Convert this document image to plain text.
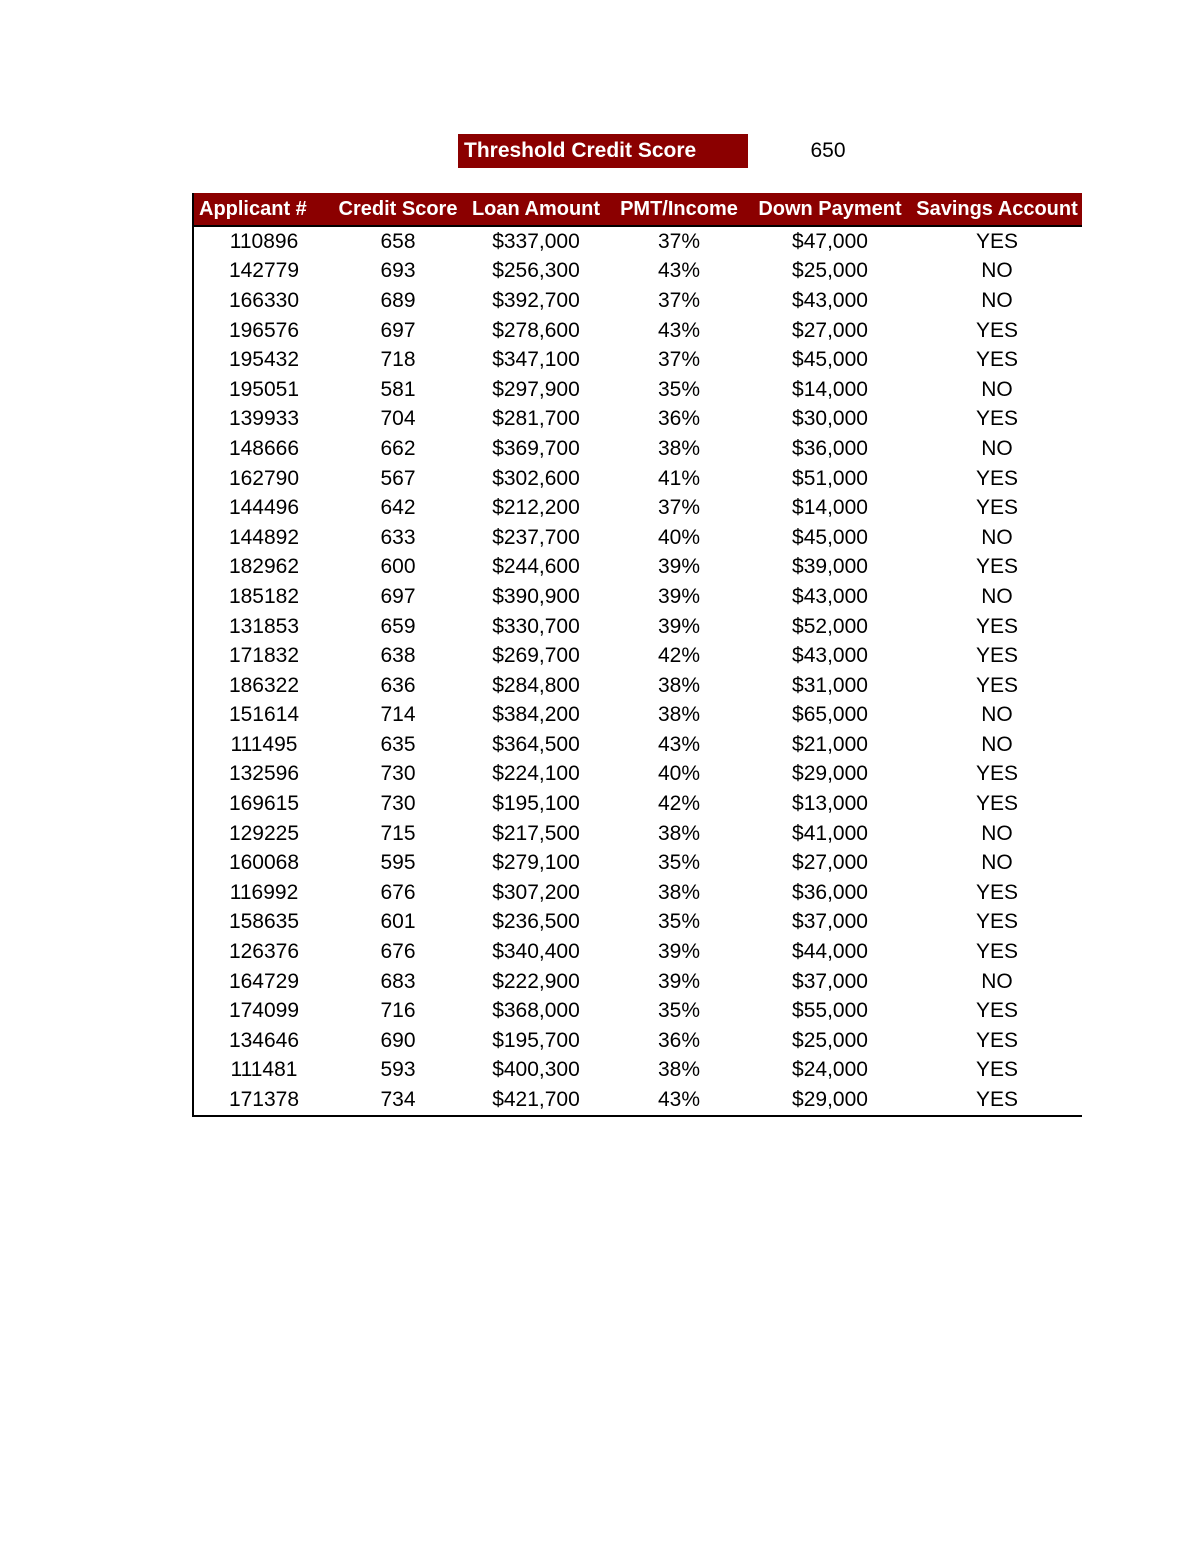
Threshold Credit Score	650
Applicant #	Credit Score	Loan Amount	PMT/Income	Down Payment	Savings Account
110896	658	$337,000	37%	$47,000	YES
142779	693	$256,300	43%	$25,000	NO
166330	689	$392,700	37%	$43,000	NO
196576	697	$278,600	43%	$27,000	YES
195432	718	$347,100	37%	$45,000	YES
195051	581	$297,900	35%	$14,000	NO
139933	704	$281,700	36%	$30,000	YES
148666	662	$369,700	38%	$36,000	NO
162790	567	$302,600	41%	$51,000	YES
144496	642	$212,200	37%	$14,000	YES
144892	633	$237,700	40%	$45,000	NO
182962	600	$244,600	39%	$39,000	YES
185182	697	$390,900	39%	$43,000	NO
131853	659	$330,700	39%	$52,000	YES
171832	638	$269,700	42%	$43,000	YES
186322	636	$284,800	38%	$31,000	YES
151614	714	$384,200	38%	$65,000	NO
111495	635	$364,500	43%	$21,000	NO
132596	730	$224,100	40%	$29,000	YES
169615	730	$195,100	42%	$13,000	YES
129225	715	$217,500	38%	$41,000	NO
160068	595	$279,100	35%	$27,000	NO
116992	676	$307,200	38%	$36,000	YES
158635	601	$236,500	35%	$37,000	YES
126376	676	$340,400	39%	$44,000	YES
164729	683	$222,900	39%	$37,000	NO
174099	716	$368,000	35%	$55,000	YES
134646	690	$195,700	36%	$25,000	YES
111481	593	$400,300	38%	$24,000	YES
171378	734	$421,700	43%	$29,000	YES
